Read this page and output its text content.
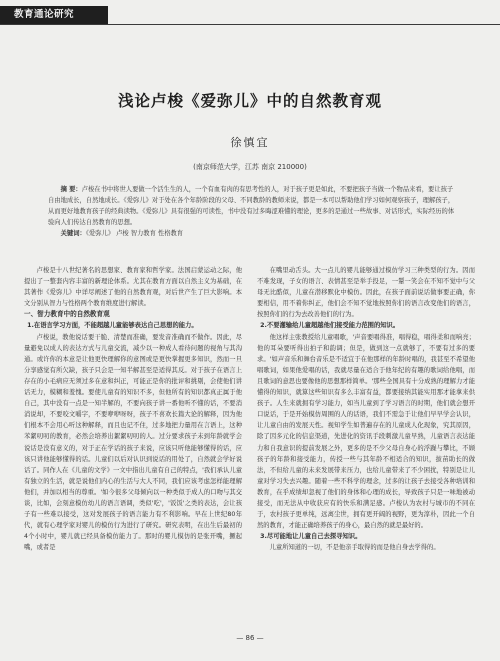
教育通论研究
浅论卢梭《爱弥儿》中的自然教育观
徐慎宜
(南京师范大学，江苏 南京 210000)

摘 要：卢梭在书中将世人要做一个活生生的人，一个有血有肉的有思考性的人，对于孩子更是如此，不要把孩子当做一个物品来看，要让孩子自由地成长，自然地成长。《爱弥儿》对于处在各个年龄阶段的父母、不同教龄的教师来说，都是一本可以帮助他们学习如何观察孩子，理解孩子，从而更好地教育孩子的经典读物。《爱弥儿》具有很强的可读性，书中没有过多晦涩难懂的理论，更多的是通过一些故事、对话形式，实际经历的体验向人们传达自然教育的思想。

关键词：《爱弥儿》 卢梭 智力教育 性格教育

卢梭是十八世纪著名的思想家、教育家和哲学家。法国启蒙运动之际，他提出了一整套内容丰富的新理论体系。尤其在教育方面以自然主义为基础，在其著作《爱弥儿》中详尽阐述了他的自然教育观，对后世产生了巨大影响。本文分别从智力与性格两个教育维度进行解读。

一、智力教育中的自然教育观
1.在语言学习方面，不能超越儿童能够表达自己思想的能力。

卢梭说，教他说话要干脆、清楚而准确，要发音准确而不做作。因此，尽量避免以成人的表达方式与儿童交流，减少以一种成人看待问题的视角与其沟通。或许你的本意是让他更快理解你的意图或是更快掌握更多知识，然而一旦分享感觉有所欠缺，孩子只会是一知半解甚至是适得其反。对于孩子在语言上存在的小毛病应无须过多在意和纠正，可能正是你的批评和挑剔，会使他们讲话无力，模糊和羞愧。要使儿童有的知识不多，但他所有的知识都真正属于他自己，其中没有一点是一知半解的，不要向孩子讲一番他听不懂的话，不要消消说却，不要咬文嚼字，不要咿咿呀呀，孩子不喜欢长篇大论的解释，因为他们根本不会用心听这种解释，而且也记不住，过多地把力量用在言语上，这种苯絮叨叨的教育，必然会培养出絮絮叨叨的人。过分要求孩子未到年龄就学会说话是没有意义的，对于正在学话的孩子来说，应该只听他能够懂得的话，应该只讲他能够懂得的话。儿童们以后对认识到说话的用处了，自然就会学好说话了。同作人在《儿童的文学》一文中指出儿童有自己的特点，'我们承认儿童有独立的生活，就是说他们内心的生活与大人不同，我们应该考虑怎样能理解他们，并加以相当的尊重。'如今很多父母倾向以一种类似于成人的口吻与其交谈，比如，会刻意模仿幼儿的语言语调，类似'吃'，'饭饭'之类的表达，会让孩子有一些难以接受，这对发展孩子的语言能力有不利影响。早在上世纪80年代，就有心理学家对婴儿的模仿行为进行了研究。研究表明，在出生后最初的4个小时中，婴儿就已经具备模仿能力了。那时的婴儿模仿的是张开嘴，撅起嘴，或者是

在嘴里动舌头。大一点儿的婴儿能够通过模仿学习三种类型的行为。因而不难发现，子女的语言、表情甚至是举手投足，一颦一笑会在不知不觉中与父母无比酷似，儿童在潜移默化中模仿。因此，在孩子面前说话做事要正确，你要相信，用不着你纠正，他们会不知不觉地按照你们的语言改变他们的语言，按照你们的行为去改善他们的行为。

2.不要灌输给儿童超越他们接受能力范围的知识。

他这样主张教授给儿童唱歌，'声音要唱得准，唱得稳，唱得柔和而响亮；他的耳朵要听得出拍子和韵调；但是，做到这一点就够了，不要有过多的要求。'如声音乐和舞台音乐是不适宜于在他那样的年龄时唱的，我甚至不希望他唱歌词，如果他爱唱的话，我就尽量在适合于他年纪的有趣的歌词给他唱，而且歌词的意思也要像他的思想那样简单。'那些全国具有十分成熟的理解力才能懂得的知识，就算这些知识有多么丰富有益，都要接纳其能实用那才能拿来供孩子。人生来就拥有学习能力，如当儿童到了学习语言的时期，他们就会想开口说话，于是开始模仿周围的人的话语，我们不需急于让他们早早学会认识，让儿童自由的发展天性。视知学生如普遍存在的儿童成人化现象，究其原因，除了因多元化的信息渠道，先进化的资讯手段刺激儿童早熟，儿童语言表达能力和自我意识的提前发展之外，更多的是不少父母自身心的浮躁与攀比，不顾孩子的年龄和接受能力，传授一些与其年龄不相适合的知识，拔苗助长的做法，不但给儿童的未来发展带来压力，也给儿童带来了不少困扰，特别是让儿童对学习失去兴趣。随着一些不科学的理念，过多的让孩子去接受各种培训和教育，在乎成绩却忽视了他们的身体和心理的成长，导致孩子只是一味地被动接受，而无法从中收获应有的快乐和满足感。卢梭认为农村与城市的不同在于，农村孩子更单纯，远离尘世，拥有更开阔的视野，更为淳朴，因此一个自然的教育，才能正确培养孩子的身心，最自然的就是最好的。

3.尽可能地让儿童自己去探寻知识。

儿童所知道的一切，不是他亲手取得的而是他自身去学得的。

— 86 —
